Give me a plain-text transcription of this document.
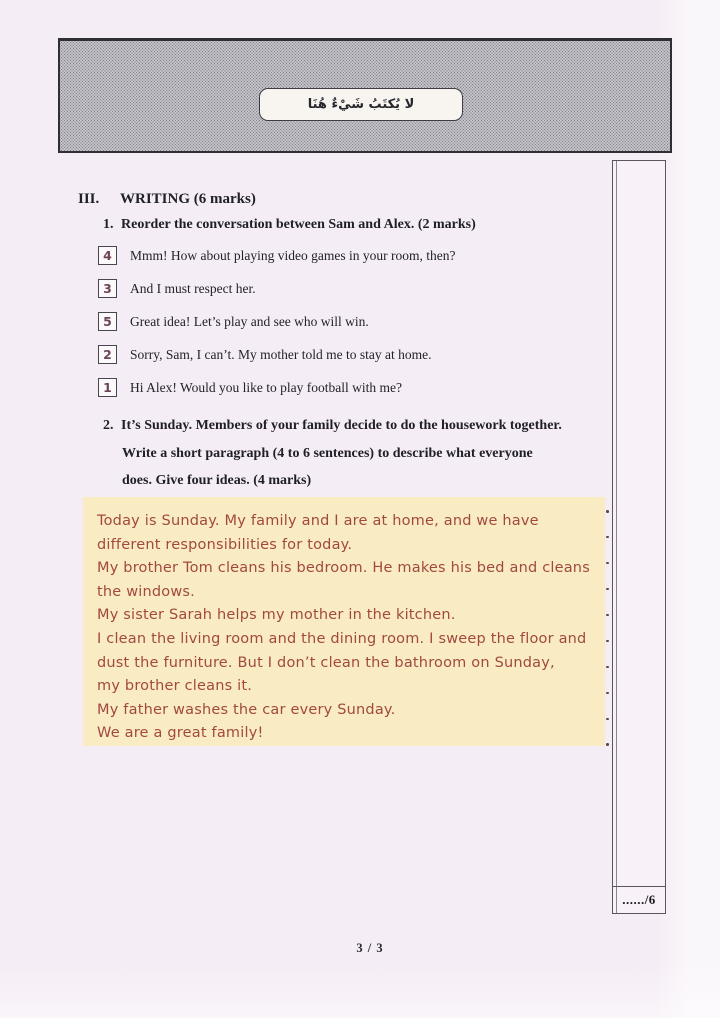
لا يُكتَبُ شَيْءٌ هُنَا
....../6
III. WRITING (6 marks)
1. Reorder the conversation between Sam and Alex. (2 marks)
4	Mmm! How about playing video games in your room, then?
3	And I must respect her.
5	Great idea! Let’s play and see who will win.
2	Sorry, Sam, I can’t. My mother told me to stay at home.
1	Hi Alex! Would you like to play football with me?
2. It’s Sunday. Members of your family decide to do the housework together.
Write a short paragraph (4 to 6 sentences) to describe what everyone
does. Give four ideas. (4 marks)
Today is Sunday. My family and I are at home, and we have
different responsibilities for today.
My brother Tom cleans his bedroom. He makes his bed and cleans
the windows.
My sister Sarah helps my mother in the kitchen.
I clean the living room and the dining room. I sweep the floor and
dust the furniture. But I don’t clean the bathroom on Sunday,
my brother cleans it.
My father washes the car every Sunday.
We are a great family!
3 / 3
